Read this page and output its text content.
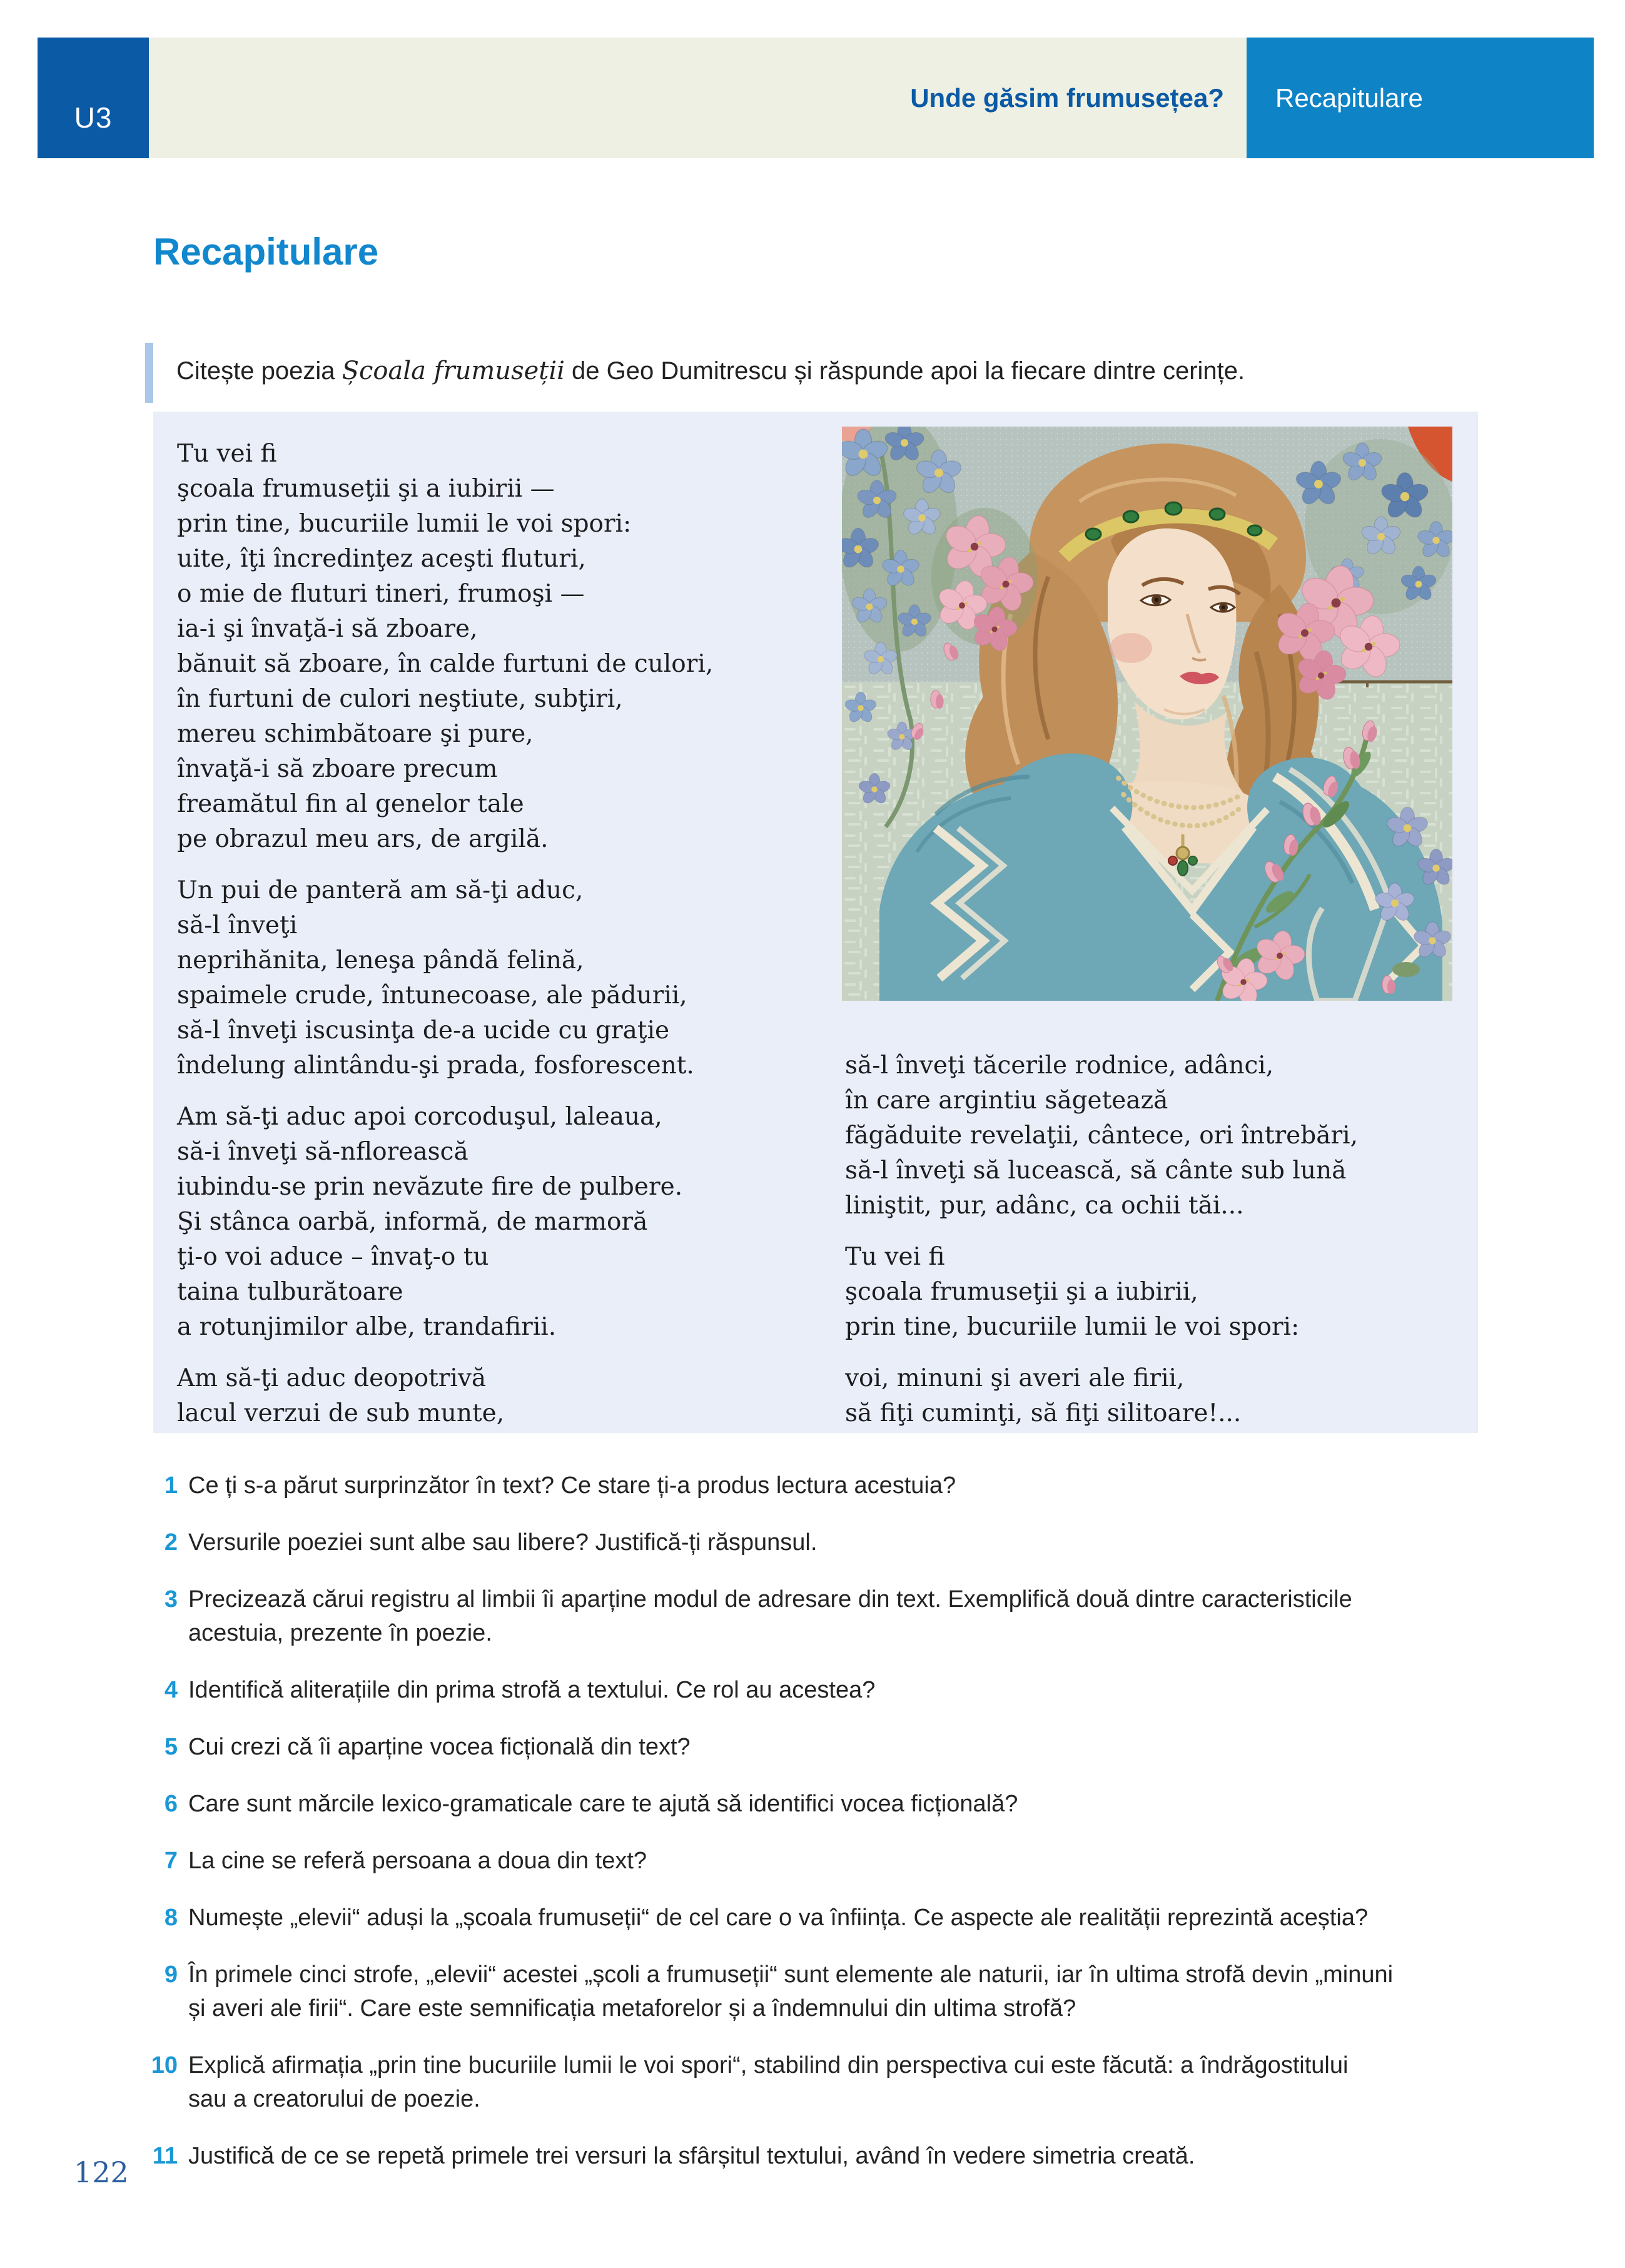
U3
Unde găsim frumusețea? Recapitulare
Recapitulare
Citește poezia Școala frumuseții de Geo Dumitrescu și răspunde apoi la fiecare dintre cerințe.
Tu vei fi
şcoala frumuseţii şi a iubirii —
prin tine, bucuriile lumii le voi spori:
uite, îţi încredinţez aceşti fluturi,
o mie de fluturi tineri, frumoşi —
ia-i şi învaţă-i să zboare,
bănuit să zboare, în calde furtuni de culori,
în furtuni de culori neştiute, subţiri,
mereu schimbătoare şi pure,
învaţă-i să zboare precum
freamătul fin al genelor tale
pe obrazul meu ars, de argilă.
Un pui de panteră am să-ţi aduc,
să-l înveţi
neprihănita, leneşa pândă felină,
spaimele crude, întunecoase, ale pădurii,
să-l înveţi iscusinţa de-a ucide cu graţie
îndelung alintându-şi prada, fosforescent.
Am să-ţi aduc apoi corcoduşul, laleaua,
să-i înveţi să-nflorească
iubindu-se prin nevăzute fire de pulbere.
Şi stânca oarbă, informă, de marmoră
ţi-o voi aduce – învaţ-o tu
taina tulburătoare
a rotunjimilor albe, trandafirii.
Am să-ţi aduc deopotrivă
lacul verzui de sub munte,
să-l înveţi tăcerile rodnice, adânci,
în care argintiu săgetează
făgăduite revelaţii, cântece, ori întrebări,
să-l înveţi să lucească, să cânte sub lună
liniştit, pur, adânc, ca ochii tăi...
Tu vei fi
şcoala frumuseţii şi a iubirii,
prin tine, bucuriile lumii le voi spori:
voi, minuni şi averi ale firii,
să fiţi cuminţi, să fiţi silitoare!...
1 Ce ți s-a părut surprinzător în text? Ce stare ți-a produs lectura acestuia?
2 Versurile poeziei sunt albe sau libere? Justifică-ți răspunsul.
3 Precizează cărui registru al limbii îi aparține modul de adresare din text. Exemplifică două dintre caracteristicile
acestuia, prezente în poezie.
4 Identifică aliterațiile din prima strofă a textului. Ce rol au acestea?
5 Cui crezi că îi aparține vocea ficțională din text?
6 Care sunt mărcile lexico-gramaticale care te ajută să identifici vocea ficțională?
7 La cine se referă persoana a doua din text?
8 Numește „elevii“ aduși la „școala frumuseții“ de cel care o va înființa. Ce aspecte ale realității reprezintă aceștia?
9 În primele cinci strofe, „elevii“ acestei „școli a frumuseții“ sunt elemente ale naturii, iar în ultima strofă devin „minuni
și averi ale firii“. Care este semnificația metaforelor și a îndemnului din ultima strofă?
10 Explică afirmația „prin tine bucuriile lumii le voi spori“, stabilind din perspectiva cui este făcută: a îndrăgostitului
sau a creatorului de poezie.
11 Justifică de ce se repetă primele trei versuri la sfârșitul textului, având în vedere simetria creată.
122
